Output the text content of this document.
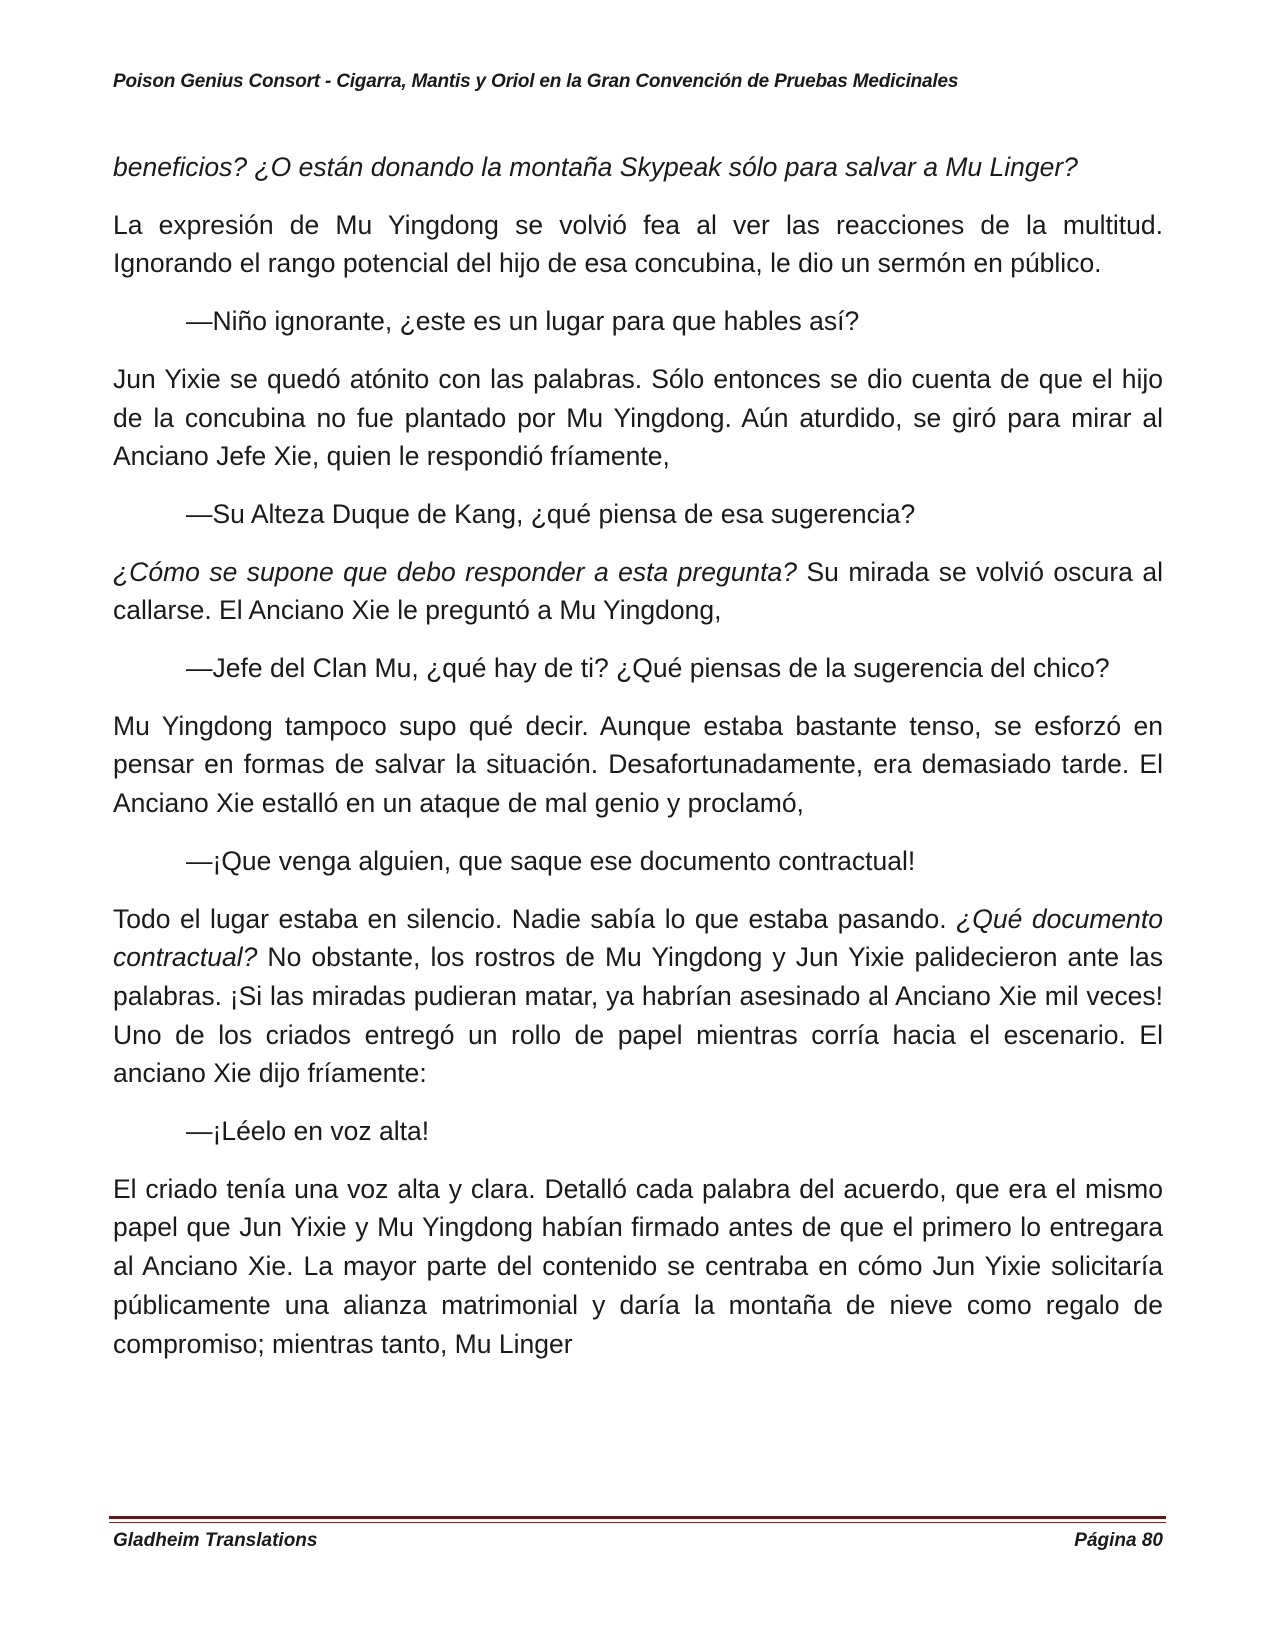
Poison Genius Consort - Cigarra, Mantis y Oriol en la Gran Convención de Pruebas Medicinales

beneficios? ¿O están donando la montaña Skypeak sólo para salvar a Mu Linger?

La expresión de Mu Yingdong se volvió fea al ver las reacciones de la multitud. Ignorando el rango potencial del hijo de esa concubina, le dio un sermón en público.

—Niño ignorante, ¿este es un lugar para que hables así?

Jun Yixie se quedó atónito con las palabras. Sólo entonces se dio cuenta de que el hijo de la concubina no fue plantado por Mu Yingdong. Aún aturdido, se giró para mirar al Anciano Jefe Xie, quien le respondió fríamente,

—Su Alteza Duque de Kang, ¿qué piensa de esa sugerencia?

¿Cómo se supone que debo responder a esta pregunta? Su mirada se volvió oscura al callarse. El Anciano Xie le preguntó a Mu Yingdong,

—Jefe del Clan Mu, ¿qué hay de ti? ¿Qué piensas de la sugerencia del chico?

Mu Yingdong tampoco supo qué decir. Aunque estaba bastante tenso, se esforzó en pensar en formas de salvar la situación. Desafortunadamente, era demasiado tarde. El Anciano Xie estalló en un ataque de mal genio y proclamó,

—¡Que venga alguien, que saque ese documento contractual!

Todo el lugar estaba en silencio. Nadie sabía lo que estaba pasando. ¿Qué documento contractual? No obstante, los rostros de Mu Yingdong y Jun Yixie palidecieron ante las palabras. ¡Si las miradas pudieran matar, ya habrían asesinado al Anciano Xie mil veces! Uno de los criados entregó un rollo de papel mientras corría hacia el escenario. El anciano Xie dijo fríamente:

—¡Léelo en voz alta!

El criado tenía una voz alta y clara. Detalló cada palabra del acuerdo, que era el mismo papel que Jun Yixie y Mu Yingdong habían firmado antes de que el primero lo entregara al Anciano Xie. La mayor parte del contenido se centraba en cómo Jun Yixie solicitaría públicamente una alianza matrimonial y daría la montaña de nieve como regalo de compromiso; mientras tanto, Mu Linger

Gladheim Translations	Página 80
